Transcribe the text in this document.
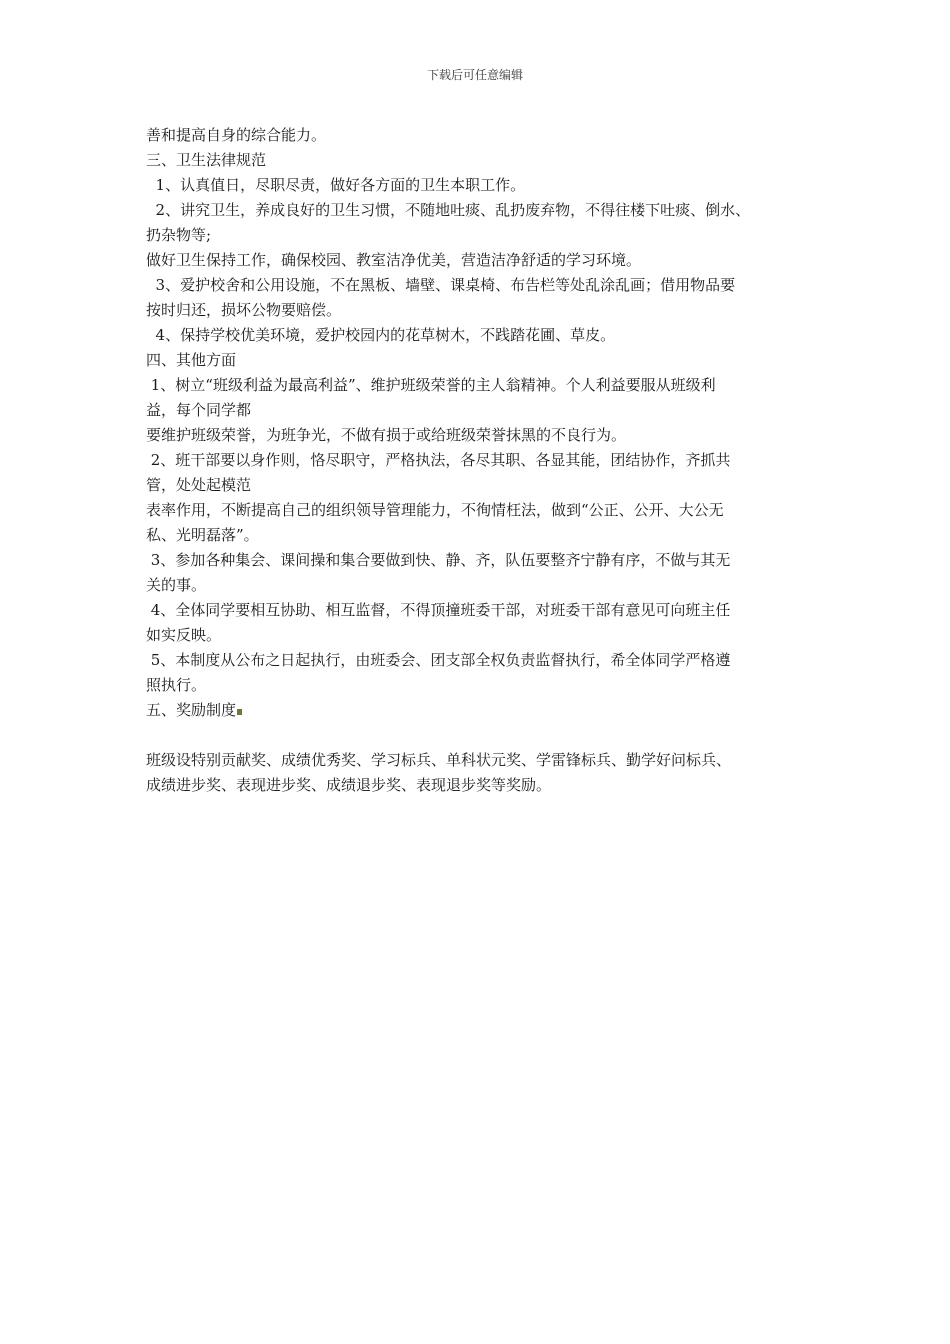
下载后可任意编辑
善和提高自身的综合能力。
三、卫生法律规范
1、认真值日，尽职尽责，做好各方面的卫生本职工作。
2、讲究卫生，养成良好的卫生习惯，不随地吐痰、乱扔废弃物，不得往楼下吐痰、倒水、
扔杂物等;
做好卫生保持工作，确保校园、教室洁净优美，营造洁净舒适的学习环境。
3、爱护校舍和公用设施，不在黑板、墙壁、课桌椅、布告栏等处乱涂乱画；借用物品要
按时归还，损坏公物要赔偿。
4、保持学校优美环境，爱护校园内的花草树木，不践踏花圃、草皮。
四、其他方面
1、树立“班级利益为最高利益”、维护班级荣誉的主人翁精神。个人利益要服从班级利
益，每个同学都
要维护班级荣誉，为班争光，不做有损于或给班级荣誉抹黑的不良行为。
2、班干部要以身作则，恪尽职守，严格执法，各尽其职、各显其能，团结协作，齐抓共
管，处处起模范
表率作用，不断提高自己的组织领导管理能力，不徇情枉法，做到“公正、公开、大公无
私、光明磊落”。
3、参加各种集会、课间操和集合要做到快、静、齐，队伍要整齐宁静有序，不做与其无
关的事。
4、全体同学要相互协助、相互监督，不得顶撞班委干部，对班委干部有意见可向班主任
如实反映。
5、本制度从公布之日起执行，由班委会、团支部全权负责监督执行，希全体同学严格遵
照执行。
五、奖励制度
班级设特别贡献奖、成绩优秀奖、学习标兵、单科状元奖、学雷锋标兵、勤学好问标兵、
成绩进步奖、表现进步奖、成绩退步奖、表现退步奖等奖励。
